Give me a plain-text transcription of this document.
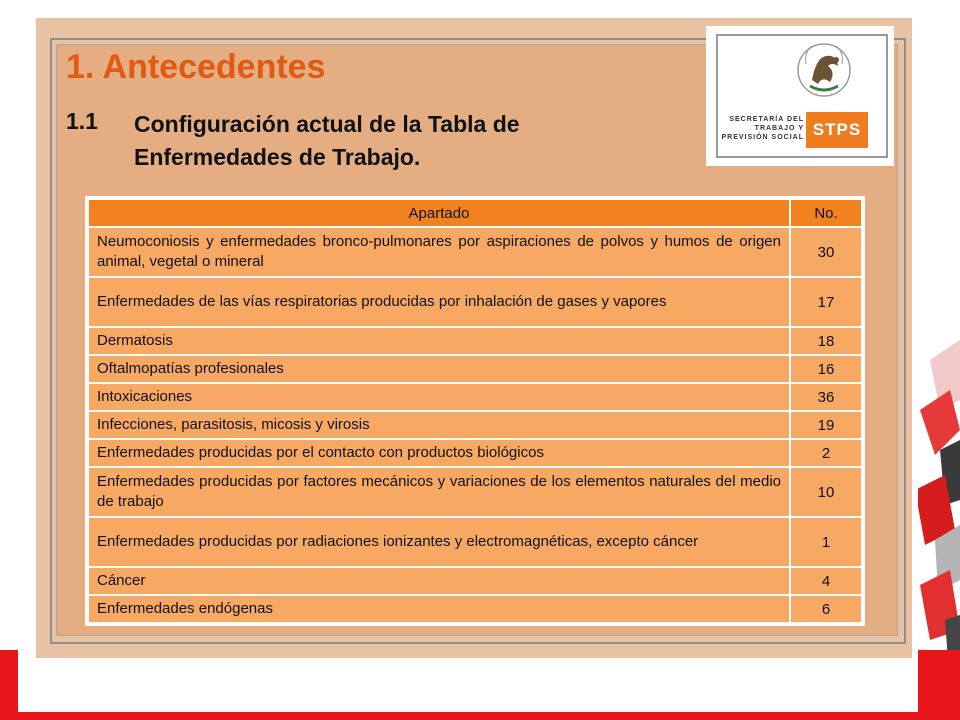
1. Antecedentes
1.1 Configuración actual de la Tabla de Enfermedades de Trabajo.
SECRETARÍA DEL TRABAJO Y PREVISIÓN SOCIAL STPS
Apartado	No.
Neumoconiosis y enfermedades bronco-pulmonares por aspiraciones de polvos y humos de origen animal, vegetal o mineral	30
Enfermedades de las vías respiratorias producidas por inhalación de gases y vapores	17
Dermatosis	18
Oftalmopatías profesionales	16
Intoxicaciones	36
Infecciones, parasitosis, micosis y virosis	19
Enfermedades producidas por el contacto con productos biológicos	2
Enfermedades producidas por factores mecánicos y variaciones de los elementos naturales del medio de trabajo	10
Enfermedades producidas por radiaciones ionizantes y electromagnéticas, excepto cáncer	1
Cáncer	4
Enfermedades endógenas	6
